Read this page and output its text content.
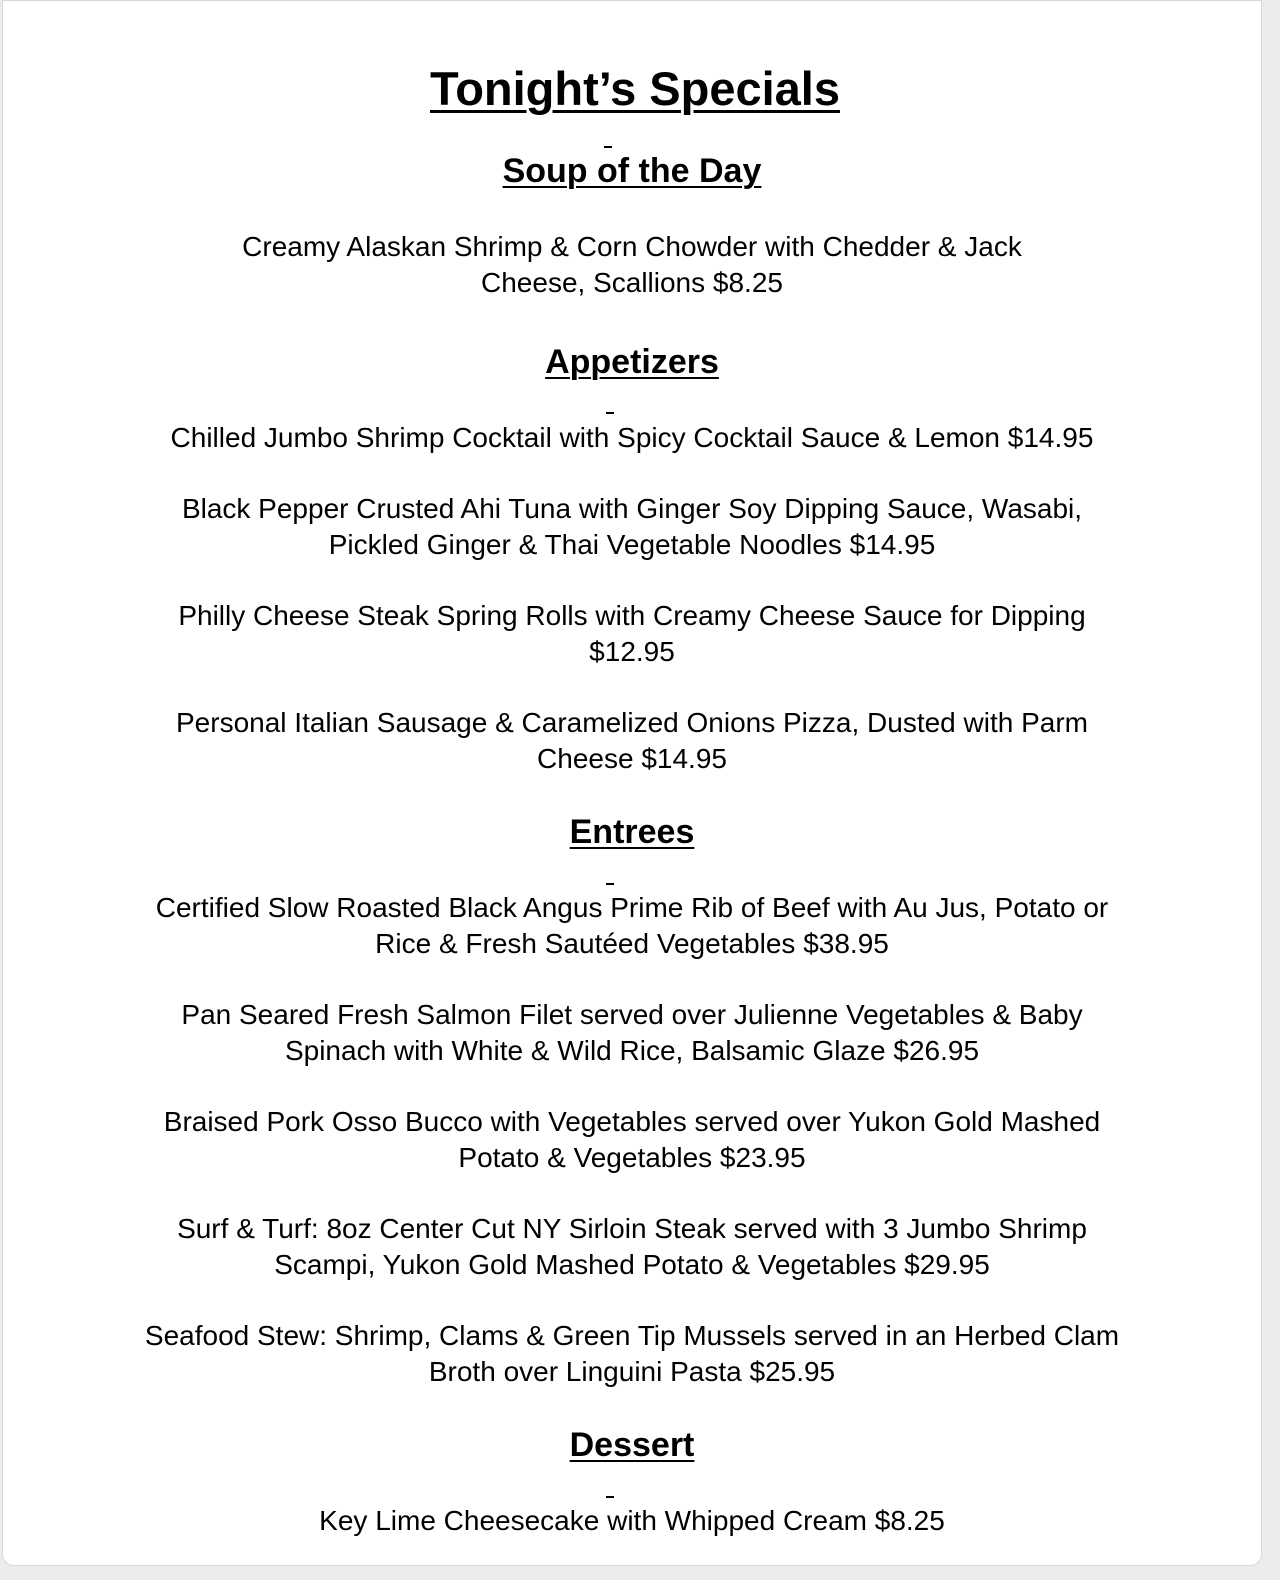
Tonight’s Specials
Soup of the Day
Creamy Alaskan Shrimp & Corn Chowder with Chedder & Jack
Cheese, Scallions $8.25
Appetizers
Chilled Jumbo Shrimp Cocktail with Spicy Cocktail Sauce & Lemon $14.95
Black Pepper Crusted Ahi Tuna with Ginger Soy Dipping Sauce, Wasabi,
Pickled Ginger & Thai Vegetable Noodles $14.95
Philly Cheese Steak Spring Rolls with Creamy Cheese Sauce for Dipping
$12.95
Personal Italian Sausage & Caramelized Onions Pizza, Dusted with Parm
Cheese $14.95
Entrees
Certified Slow Roasted Black Angus Prime Rib of Beef with Au Jus, Potato or
Rice & Fresh Sautéed Vegetables $38.95
Pan Seared Fresh Salmon Filet served over Julienne Vegetables & Baby
Spinach with White & Wild Rice, Balsamic Glaze $26.95
Braised Pork Osso Bucco with Vegetables served over Yukon Gold Mashed
Potato & Vegetables $23.95
Surf & Turf: 8oz Center Cut NY Sirloin Steak served with 3 Jumbo Shrimp
Scampi, Yukon Gold Mashed Potato & Vegetables $29.95
Seafood Stew: Shrimp, Clams & Green Tip Mussels served in an Herbed Clam
Broth over Linguini Pasta $25.95
Dessert
Key Lime Cheesecake with Whipped Cream $8.25
